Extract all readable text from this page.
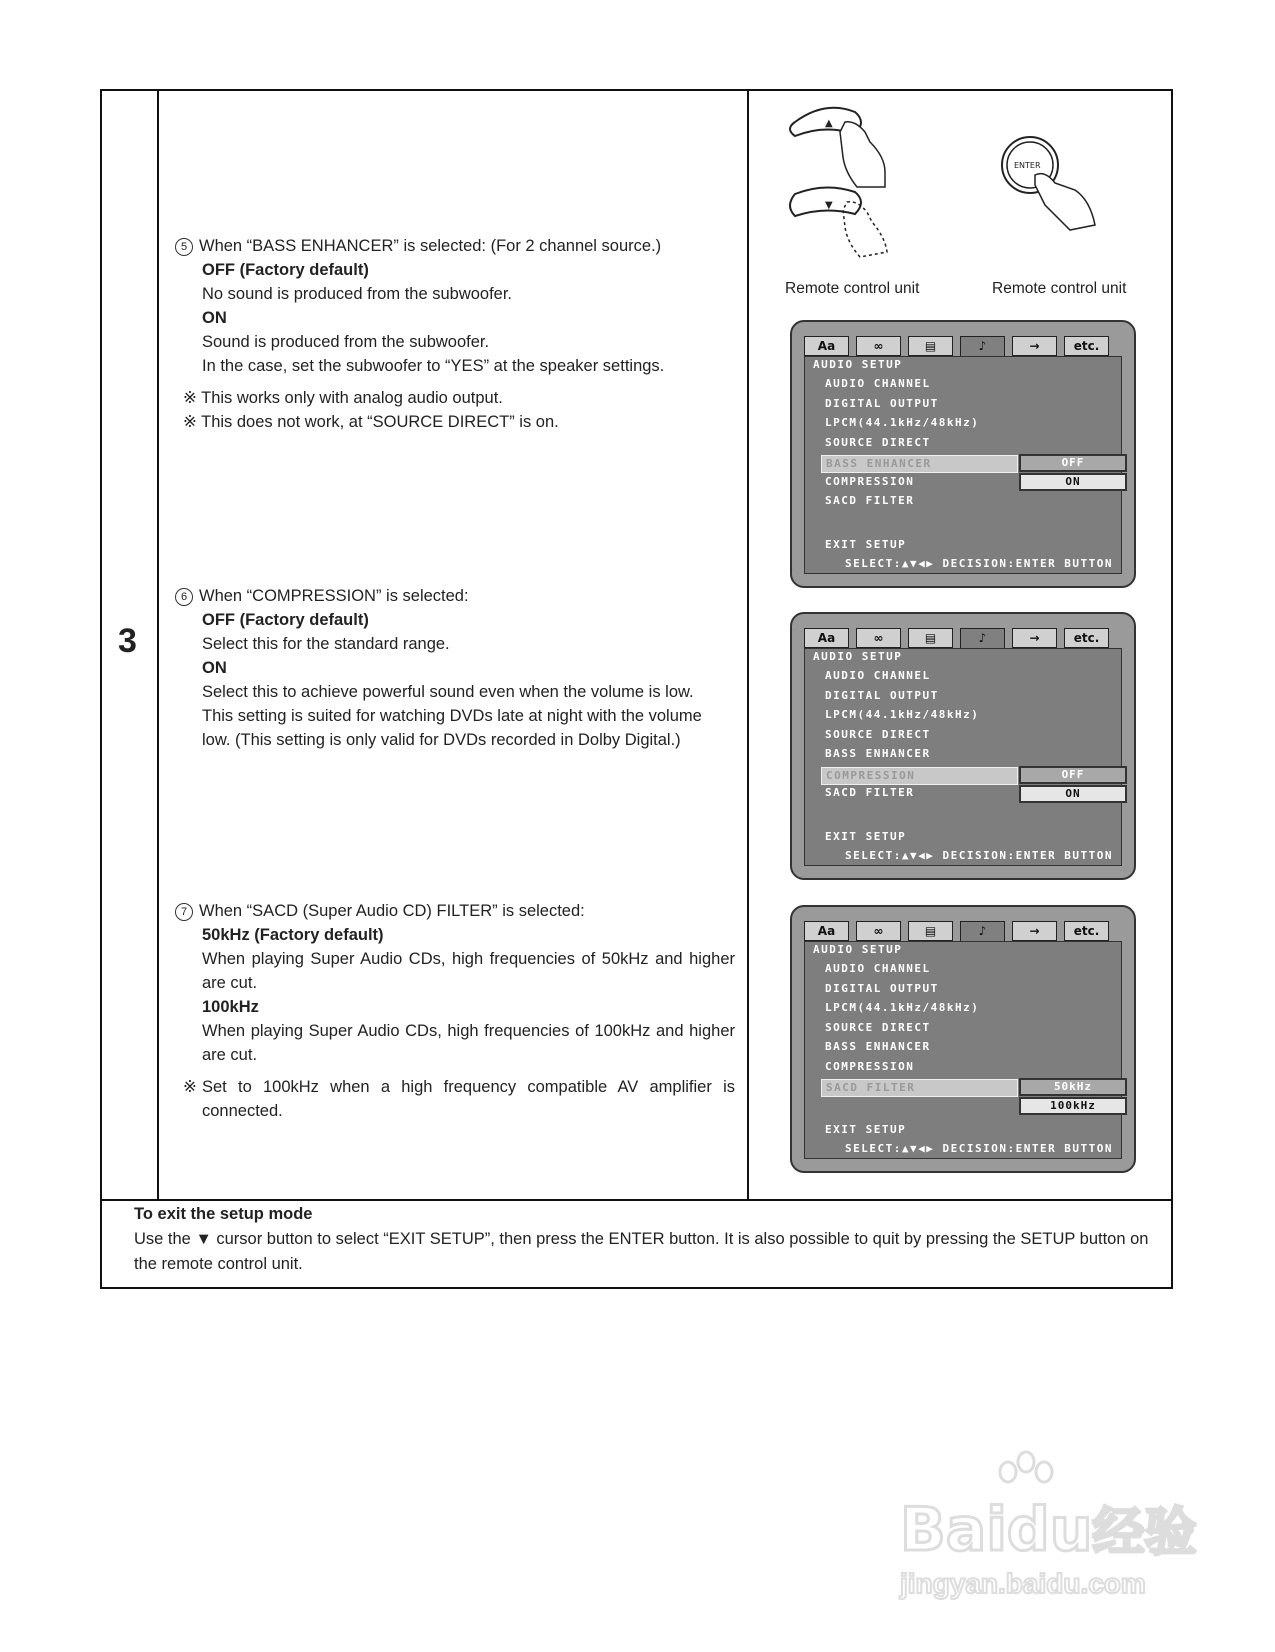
3

5 When “BASS ENHANCER” is selected: (For 2 channel source.)

OFF (Factory default)

No sound is produced from the subwoofer.

ON

Sound is produced from the subwoofer.

In the case, set the subwoofer to “YES” at the speaker settings.

※ This works only with analog audio output.

※ This does not work, at “SOURCE DIRECT” is on.

6 When “COMPRESSION” is selected:

OFF (Factory default)

Select this for the standard range.

ON

Select this to achieve powerful sound even when the volume is low.

This setting is suited for watching DVDs late at night with the volume

low. (This setting is only valid for DVDs recorded in Dolby Digital.)

7 When “SACD (Super Audio CD) FILTER” is selected:

50kHz (Factory default)

When playing Super Audio CDs, high frequencies of 50kHz and higher are cut.

100kHz

When playing Super Audio CDs, high frequencies of 100kHz and higher are cut.

※ Set to 100kHz when a high frequency compatible AV amplifier is connected.

▲
▼
ENTER
Remote control unit	Remote control unit
Aa	∞	▤	♪	→	etc.
AUDIO SETUP
AUDIO CHANNEL
DIGITAL OUTPUT
LPCM(44.1kHz/48kHz)
SOURCE DIRECT
BASS ENHANCER	OFF
ON
COMPRESSION
SACD FILTER
EXIT SETUP
SELECT:▲▼◀▶ DECISION:ENTER BUTTON
Aa	∞	▤	♪	→	etc.
AUDIO SETUP
AUDIO CHANNEL
DIGITAL OUTPUT
LPCM(44.1kHz/48kHz)
SOURCE DIRECT
BASS ENHANCER
COMPRESSION	OFF
ON
SACD FILTER
EXIT SETUP
SELECT:▲▼◀▶ DECISION:ENTER BUTTON
Aa	∞	▤	♪	→	etc.
AUDIO SETUP
AUDIO CHANNEL
DIGITAL OUTPUT
LPCM(44.1kHz/48kHz)
SOURCE DIRECT
BASS ENHANCER
COMPRESSION
SACD FILTER	50kHz
100kHz
EXIT SETUP
SELECT:▲▼◀▶ DECISION:ENTER BUTTON

To exit the setup mode

Use the ▼ cursor button to select “EXIT SETUP”, then press the ENTER button. It is also possible to quit by pressing the SETUP button on the remote control unit.

Baidu经验
jingyan.baidu.com
